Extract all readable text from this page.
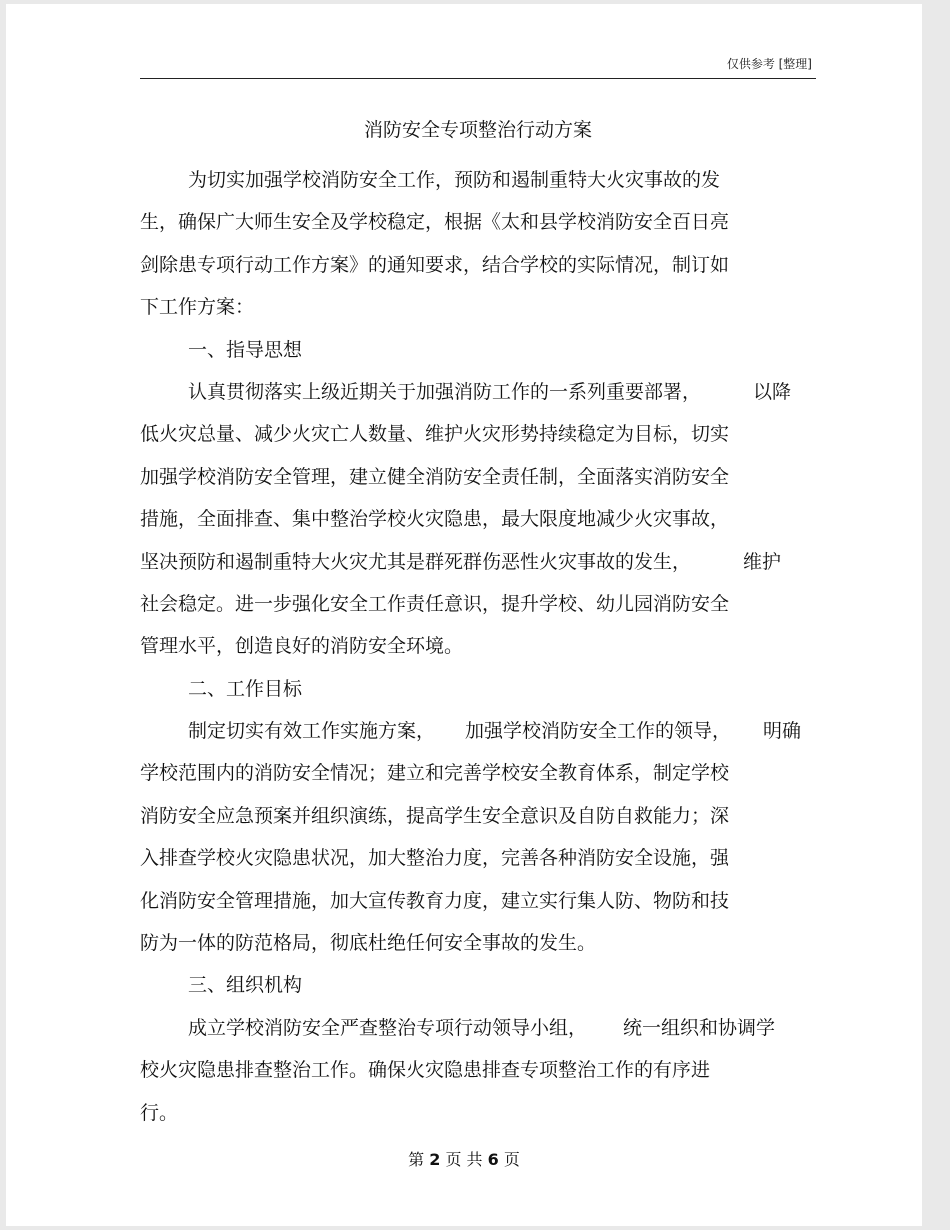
仅供参考 [整理]
消防安全专项整治行动方案
为切实加强学校消防安全工作，预防和遏制重特大火灾事故的发
生，确保广大师生安全及学校稳定，根据《太和县学校消防安全百日亮
剑除患专项行动工作方案》的通知要求，结合学校的实际情况，制订如
下工作方案：
一、指导思想
认真贯彻落实上级近期关于加强消防工作的一系列重要部署，	以降
低火灾总量、减少火灾亡人数量、维护火灾形势持续稳定为目标，切实
加强学校消防安全管理，建立健全消防安全责任制，全面落实消防安全
措施，全面排查、集中整治学校火灾隐患，最大限度地减少火灾事故，
坚决预防和遏制重特大火灾尤其是群死群伤恶性火灾事故的发生，	维护
社会稳定。进一步强化安全工作责任意识，提升学校、幼儿园消防安全
管理水平，创造良好的消防安全环境。
二、工作目标
制定切实有效工作实施方案， 加强学校消防安全工作的领导， 明确
学校范围内的消防安全情况；建立和完善学校安全教育体系，制定学校
消防安全应急预案并组织演练，提高学生安全意识及自防自救能力；深
入排查学校火灾隐患状况，加大整治力度，完善各种消防安全设施，强
化消防安全管理措施，加大宣传教育力度，建立实行集人防、物防和技
防为一体的防范格局，彻底杜绝任何安全事故的发生。
三、组织机构
成立学校消防安全严查整治专项行动领导小组， 统一组织和协调学
校火灾隐患排查整治工作。确保火灾隐患排查专项整治工作的有序进
行。
第 2 页 共 6 页
